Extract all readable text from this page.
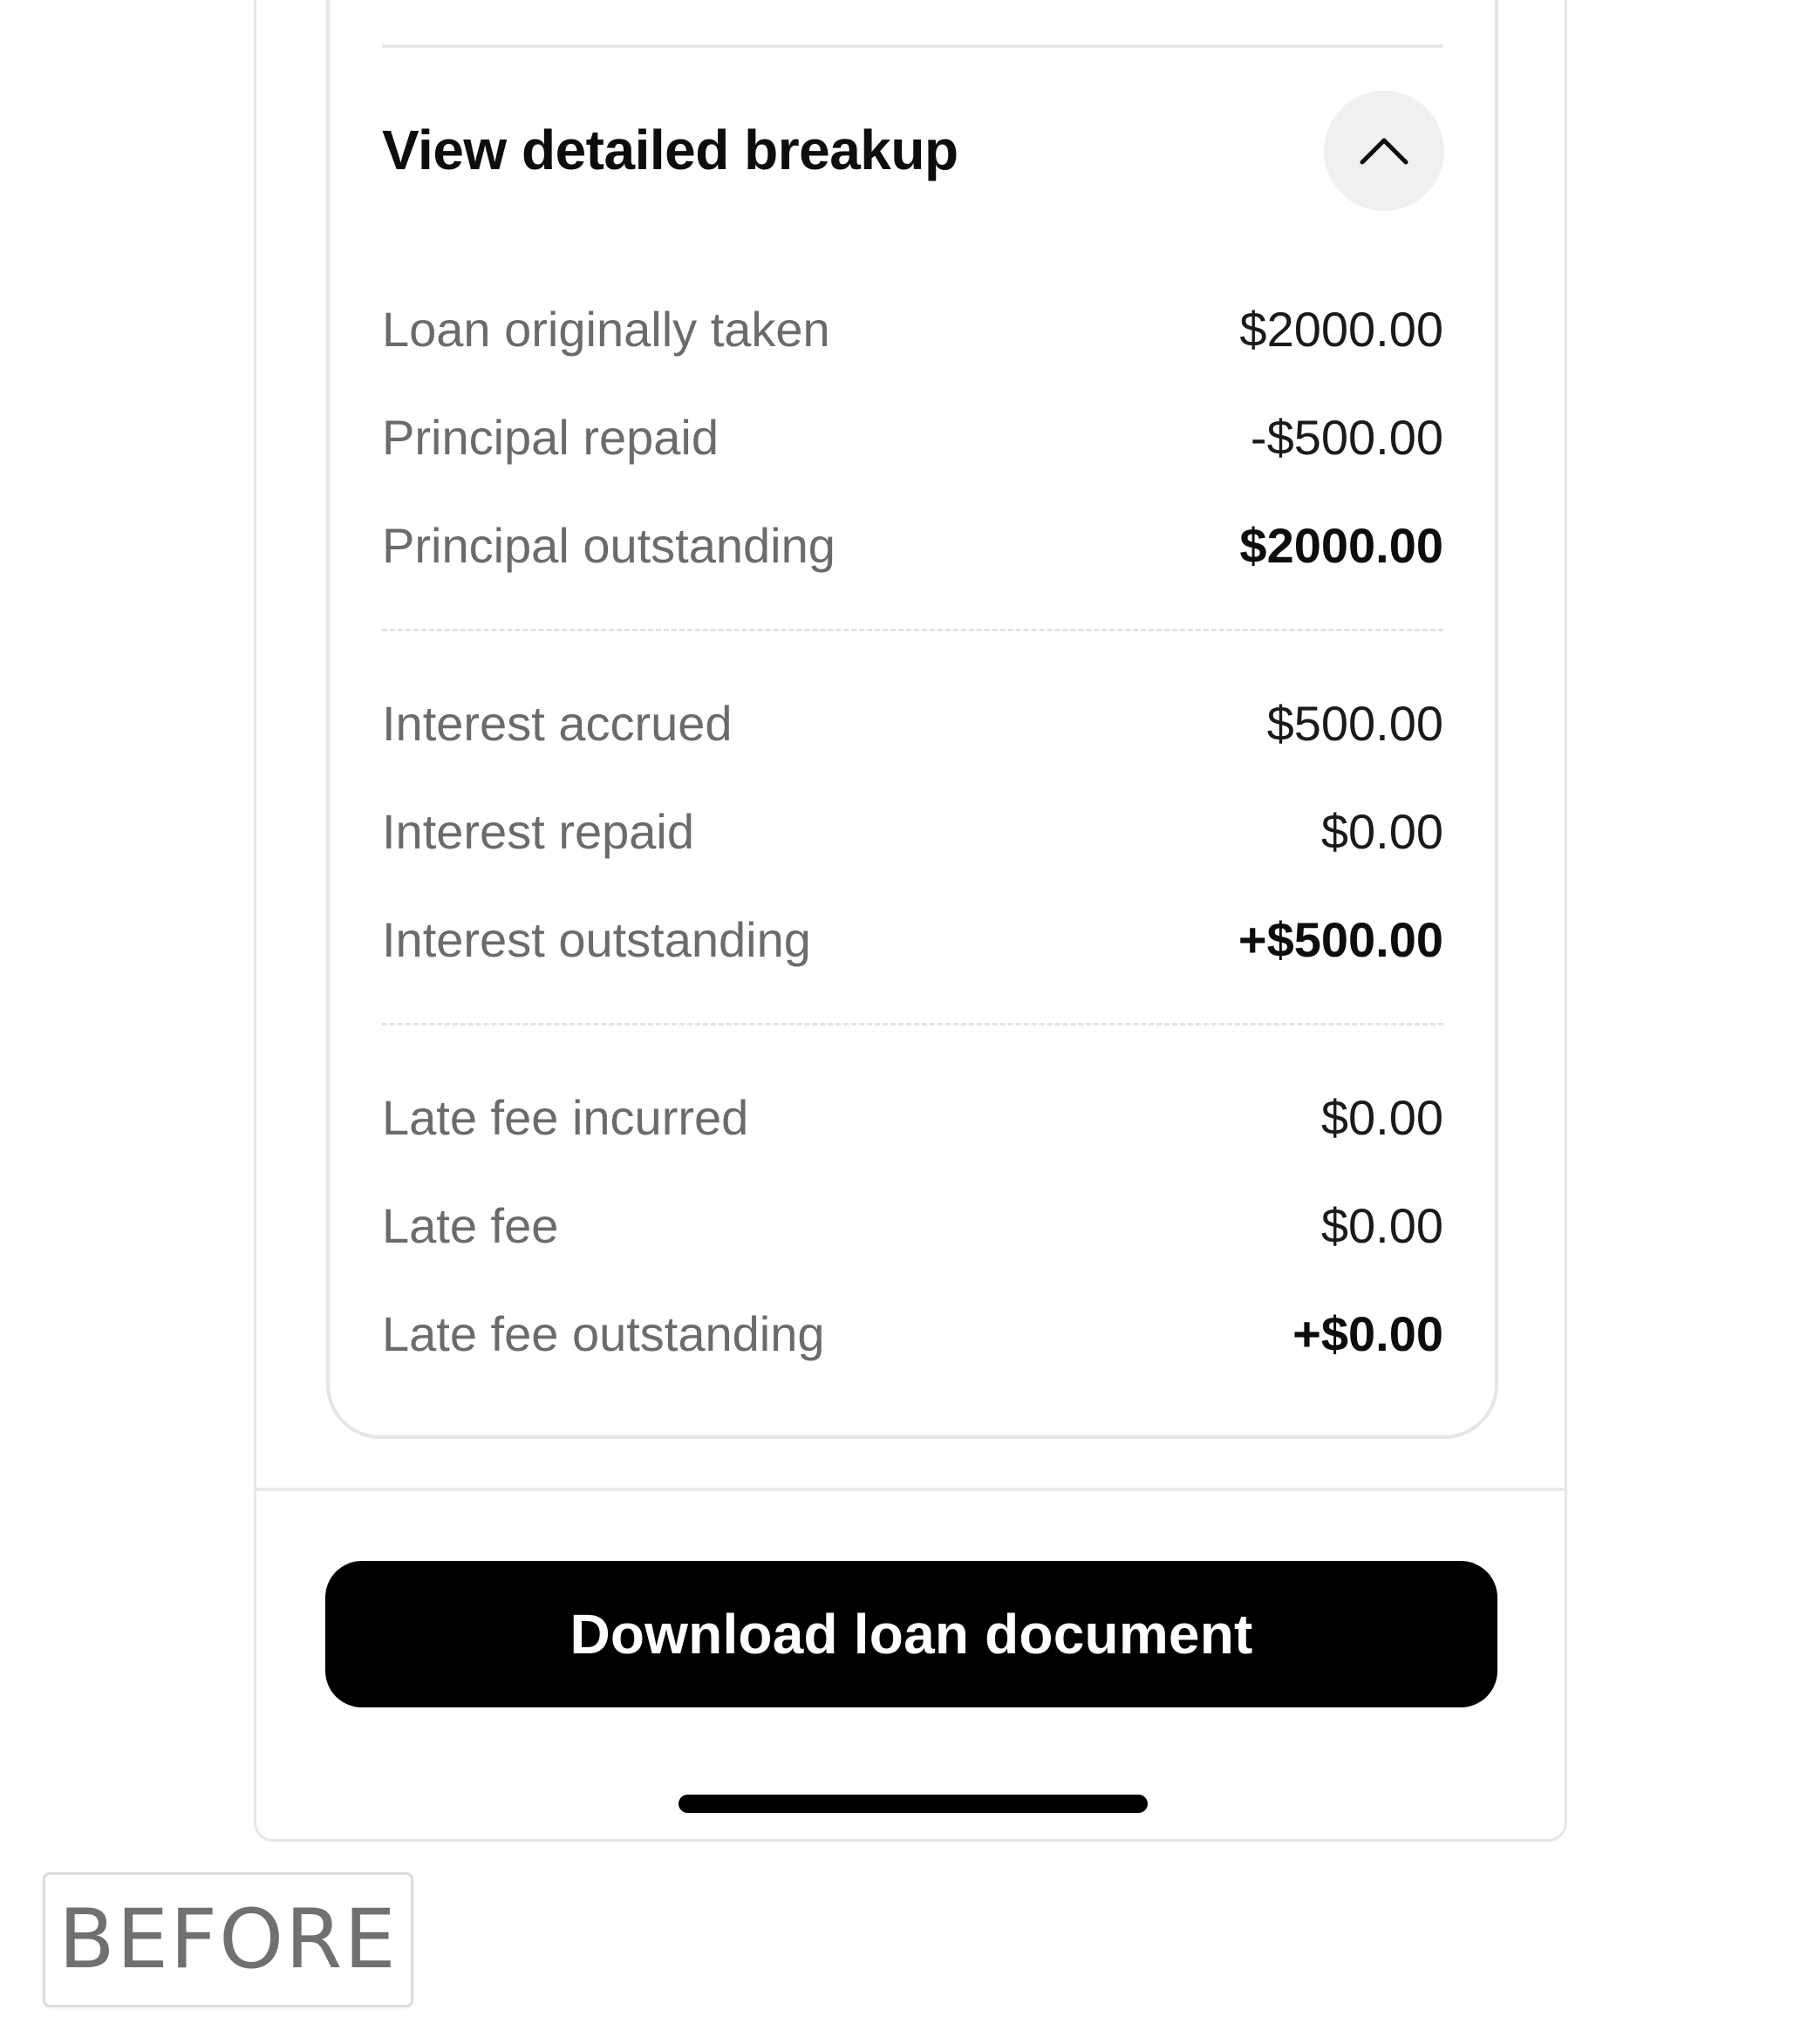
View detailed breakup
Loan originally taken	$2000.00
Principal repaid	-$500.00
Principal outstanding	$2000.00
Interest accrued	$500.00
Interest repaid	$0.00
Interest outstanding	+$500.00
Late fee incurred	$0.00
Late fee	$0.00
Late fee outstanding	+$0.00
Download loan document
BEFORE
